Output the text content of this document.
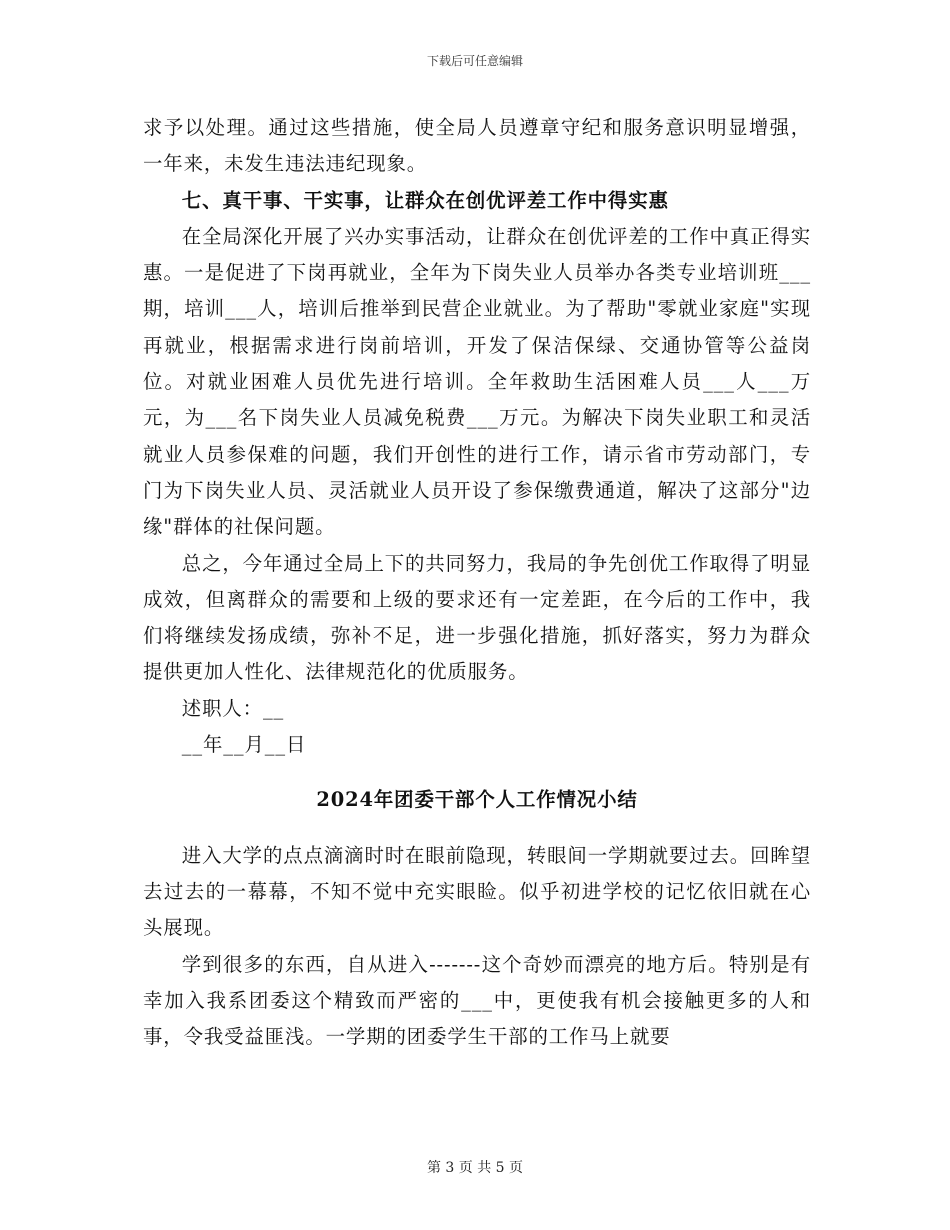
下载后可任意编辑

求予以处理。通过这些措施，使全局人员遵章守纪和服务意识明显增强，一年来，未发生违法违纪现象。

七、真干事、干实事，让群众在创优评差工作中得实惠

在全局深化开展了兴办实事活动，让群众在创优评差的工作中真正得实惠。一是促进了下岗再就业，全年为下岗失业人员举办各类专业培训班___期，培训___人，培训后推举到民营企业就业。为了帮助"零就业家庭"实现再就业，根据需求进行岗前培训，开发了保洁保绿、交通协管等公益岗位。对就业困难人员优先进行培训。全年救助生活困难人员___人___万元，为___名下岗失业人员减免税费___万元。为解决下岗失业职工和灵活就业人员参保难的问题，我们开创性的进行工作，请示省市劳动部门，专门为下岗失业人员、灵活就业人员开设了参保缴费通道，解决了这部分"边缘"群体的社保问题。

总之，今年通过全局上下的共同努力，我局的争先创优工作取得了明显成效，但离群众的需要和上级的要求还有一定差距，在今后的工作中，我们将继续发扬成绩，弥补不足，进一步强化措施，抓好落实，努力为群众提供更加人性化、法律规范化的优质服务。

述职人：__

__年__月__日

2024年团委干部个人工作情况小结

进入大学的点点滴滴时时在眼前隐现，转眼间一学期就要过去。回眸望去过去的一幕幕，不知不觉中充实眼睑。似乎初进学校的记忆依旧就在心头展现。

学到很多的东西，自从进入-------这个奇妙而漂亮的地方后。特别是有幸加入我系团委这个精致而严密的___中，更使我有机会接触更多的人和事，令我受益匪浅。一学期的团委学生干部的工作马上就要

第 3 页 共 5 页
